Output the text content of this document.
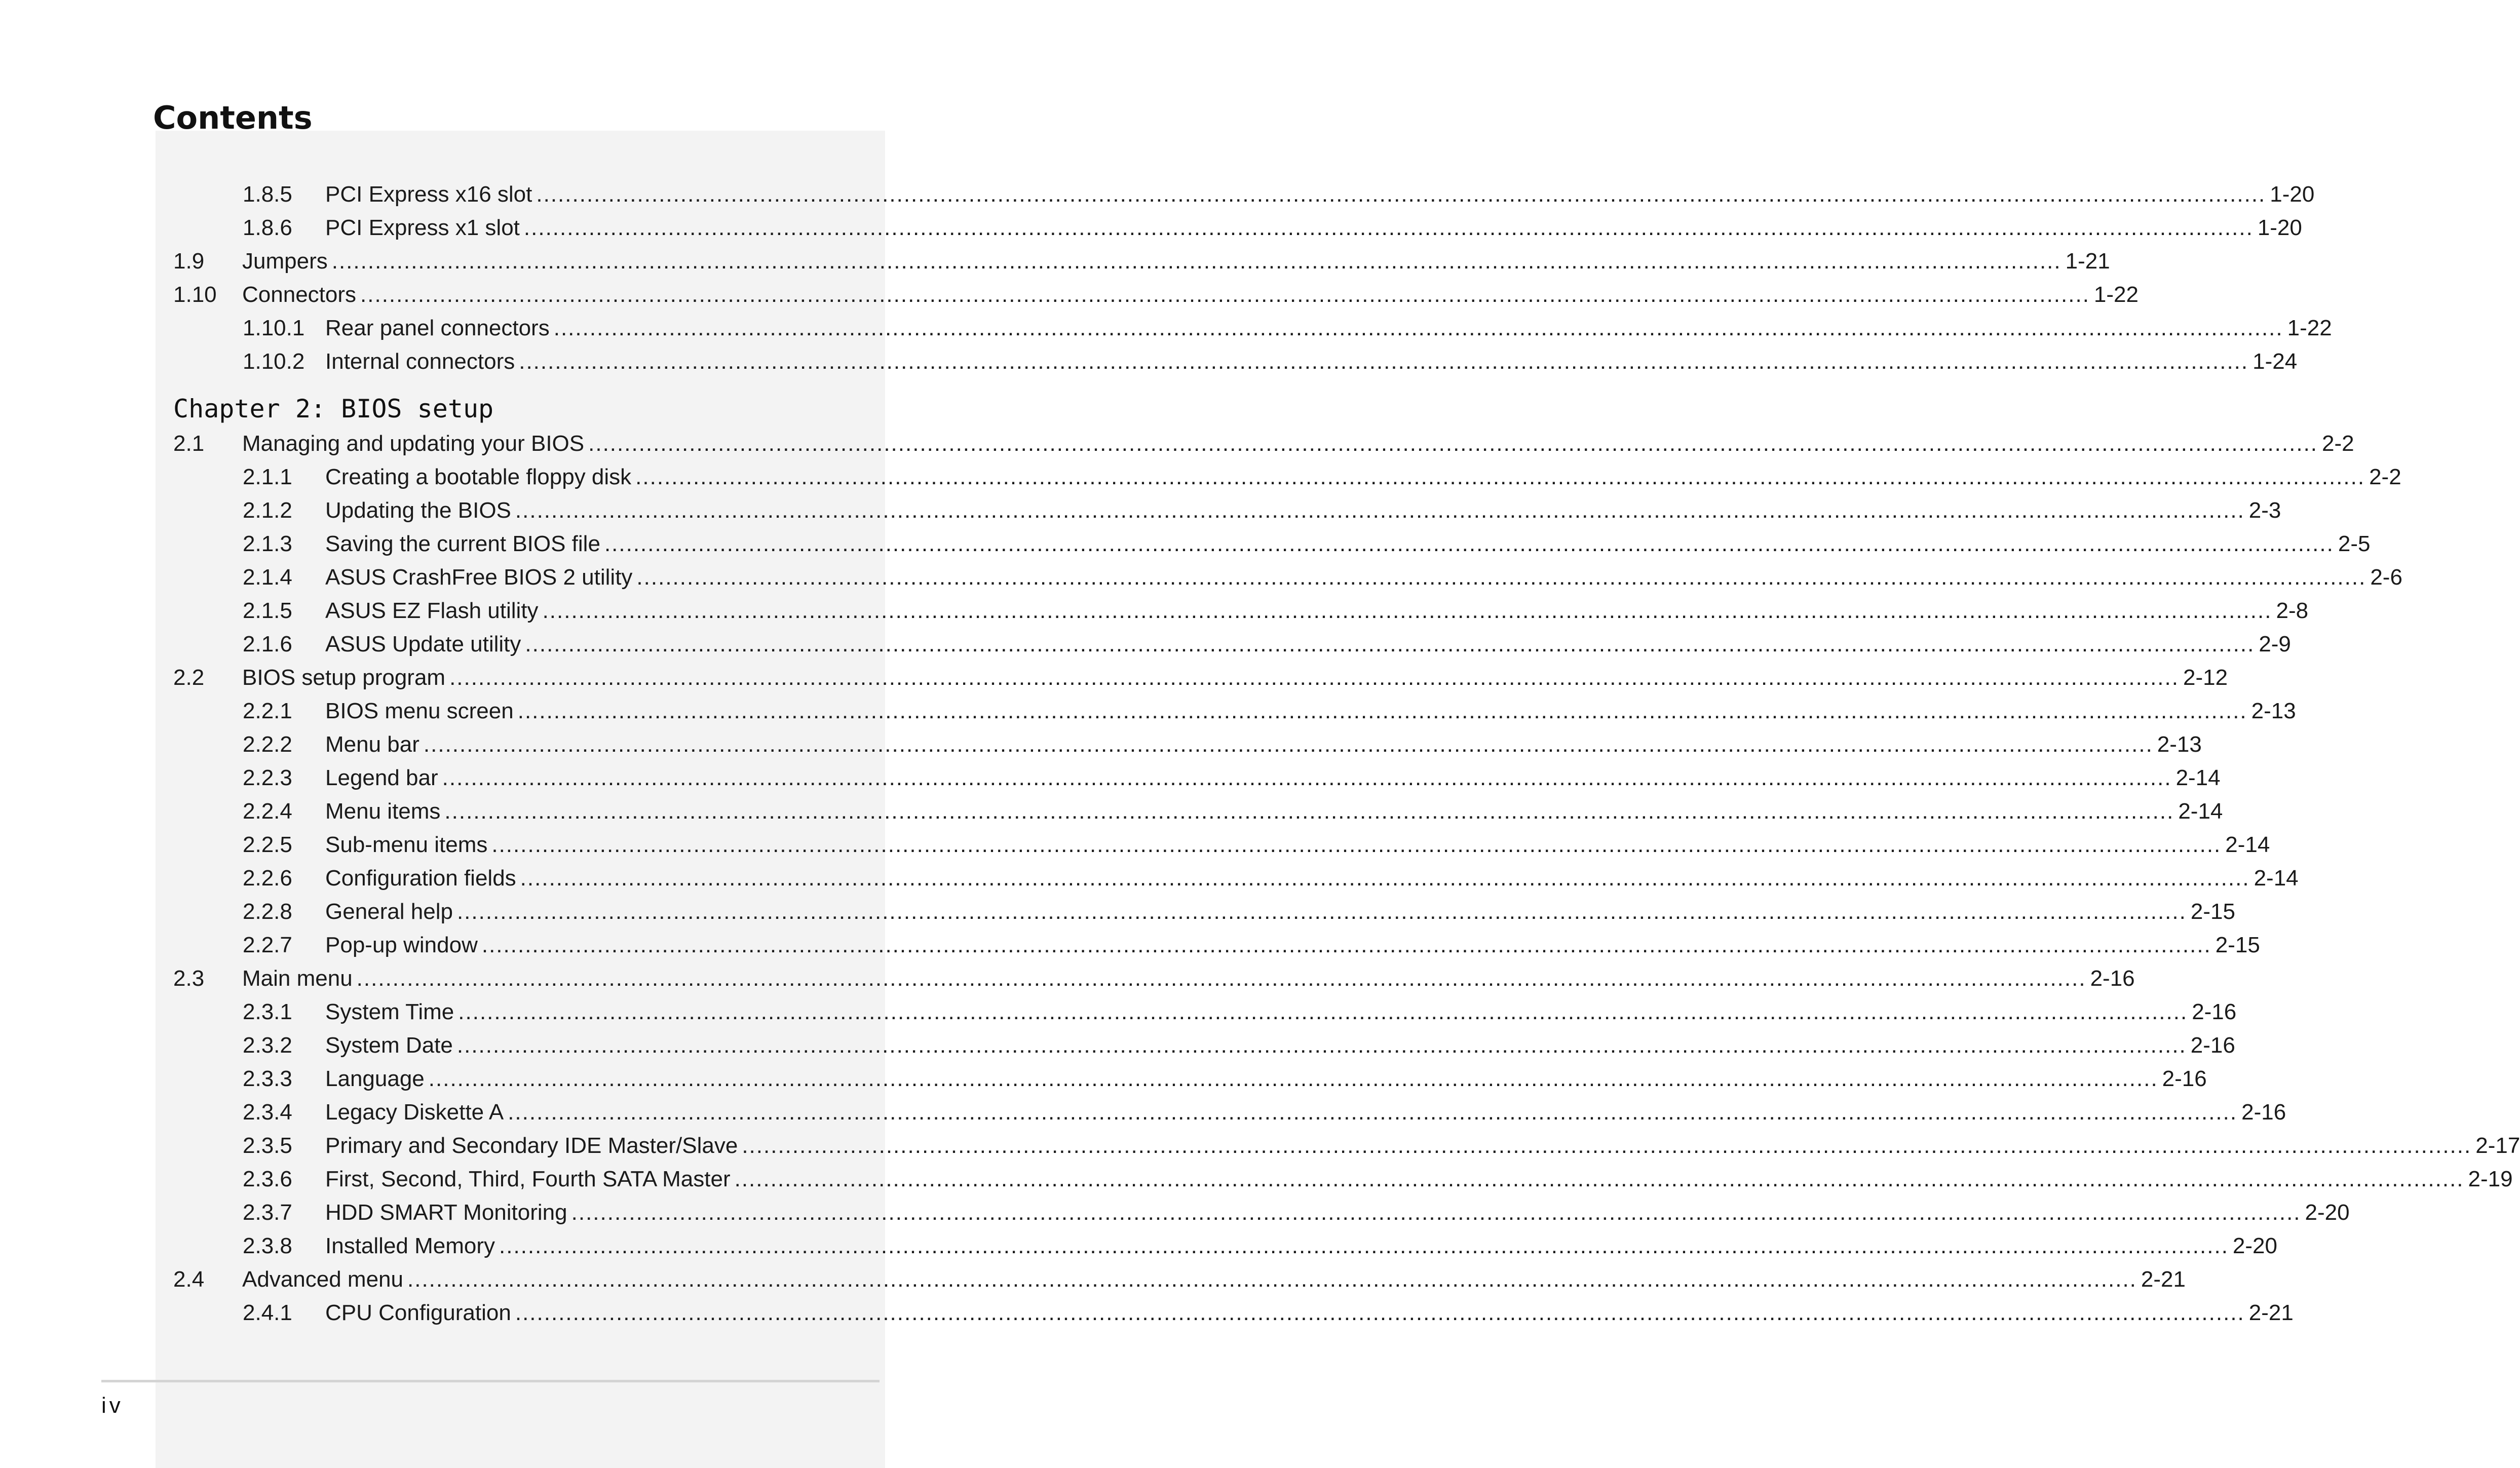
Contents
1.8.5 PCI Express x16 slot ................................................................................................................................................................................................................................................ 1-20
1.8.6 PCI Express x1 slot ................................................................................................................................................................................................................................................ 1-20
1.9 Jumpers ................................................................................................................................................................................................................................................ 1-21
1.10 Connectors ................................................................................................................................................................................................................................................ 1-22
1.10.1 Rear panel connectors ................................................................................................................................................................................................................................................ 1-22
1.10.2 Internal connectors ................................................................................................................................................................................................................................................ 1-24
Chapter 2: BIOS setup
2.1 Managing and updating your BIOS ................................................................................................................................................................................................................................................ 2-2
2.1.1 Creating a bootable floppy disk ................................................................................................................................................................................................................................................ 2-2
2.1.2 Updating the BIOS ................................................................................................................................................................................................................................................ 2-3
2.1.3 Saving the current BIOS file ................................................................................................................................................................................................................................................ 2-5
2.1.4 ASUS CrashFree BIOS 2 utility ................................................................................................................................................................................................................................................ 2-6
2.1.5 ASUS EZ Flash utility ................................................................................................................................................................................................................................................ 2-8
2.1.6 ASUS Update utility ................................................................................................................................................................................................................................................ 2-9
2.2 BIOS setup program ................................................................................................................................................................................................................................................ 2-12
2.2.1 BIOS menu screen ................................................................................................................................................................................................................................................ 2-13
2.2.2 Menu bar ................................................................................................................................................................................................................................................ 2-13
2.2.3 Legend bar ................................................................................................................................................................................................................................................ 2-14
2.2.4 Menu items ................................................................................................................................................................................................................................................ 2-14
2.2.5 Sub-menu items ................................................................................................................................................................................................................................................ 2-14
2.2.6 Configuration fields ................................................................................................................................................................................................................................................ 2-14
2.2.8 General help ................................................................................................................................................................................................................................................ 2-15
2.2.7 Pop-up window ................................................................................................................................................................................................................................................ 2-15
2.3 Main menu ................................................................................................................................................................................................................................................ 2-16
2.3.1 System Time ................................................................................................................................................................................................................................................ 2-16
2.3.2 System Date ................................................................................................................................................................................................................................................ 2-16
2.3.3 Language ................................................................................................................................................................................................................................................ 2-16
2.3.4 Legacy Diskette A ................................................................................................................................................................................................................................................ 2-16
2.3.5 Primary and Secondary IDE Master/Slave ................................................................................................................................................................................................................................................ 2-17
2.3.6 First, Second, Third, Fourth SATA Master ................................................................................................................................................................................................................................................ 2-19
2.3.7 HDD SMART Monitoring ................................................................................................................................................................................................................................................ 2-20
2.3.8 Installed Memory ................................................................................................................................................................................................................................................ 2-20
2.4 Advanced menu ................................................................................................................................................................................................................................................ 2-21
2.4.1 CPU Configuration ................................................................................................................................................................................................................................................ 2-21
iv
